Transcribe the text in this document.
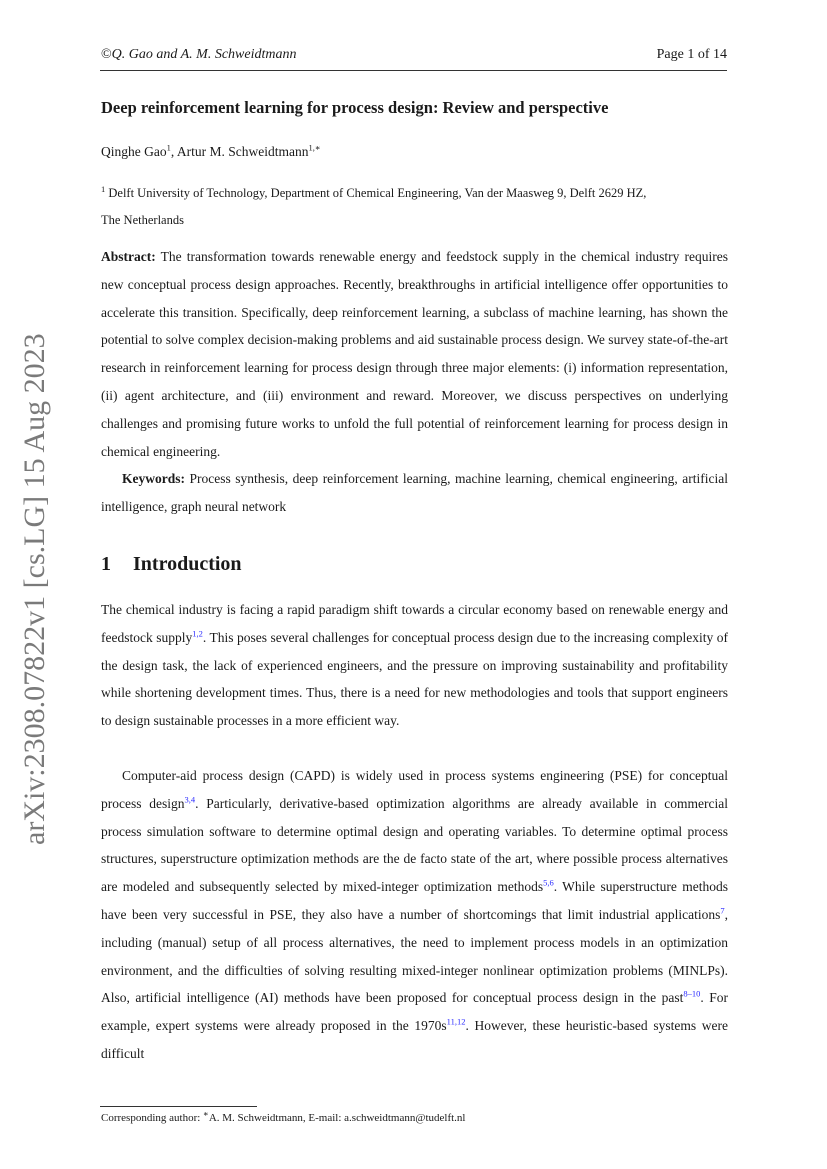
©Q. Gao and A. M. Schweidtmann	Page 1 of 14
arXiv:2308.07822v1 [cs.LG] 15 Aug 2023
Deep reinforcement learning for process design: Review and perspective
Qinghe Gao$^1$, Artur M. Schweidtmann$^{1,∗}$
$^1$ Delft University of Technology, Department of Chemical Engineering, Van der Maasweg 9, Delft 2629 HZ,
The Netherlands
Abstract: The transformation towards renewable energy and feedstock supply in the chemical industry requires new conceptual process design approaches. Recently, breakthroughs in artificial intelligence offer opportunities to accelerate this transition. Specifically, deep reinforcement learning, a subclass of machine learning, has shown the potential to solve complex decision-making problems and aid sustainable process design. We survey state-of-the-art research in reinforcement learning for process design through three major elements: (i) information representation, (ii) agent architecture, and (iii) environment and reward. Moreover, we discuss perspectives on underlying challenges and promising future works to unfold the full potential of reinforcement learning for process design in chemical engineering.
Keywords: Process synthesis, deep reinforcement learning, machine learning, chemical engineering, artificial intelligence, graph neural network
1 Introduction
The chemical industry is facing a rapid paradigm shift towards a circular economy based on renewable energy and feedstock supply$^{1,2}$. This poses several challenges for conceptual process design due to the increasing complexity of the design task, the lack of experienced engineers, and the pressure on improving sustainability and profitability while shortening development times. Thus, there is a need for new methodologies and tools that support engineers to design sustainable processes in a more efficient way.
Computer-aid process design (CAPD) is widely used in process systems engineering (PSE) for conceptual process design$^{3,4}$. Particularly, derivative-based optimization algorithms are already available in commercial process simulation software to determine optimal design and operating variables. To determine optimal process structures, superstructure optimization methods are the de facto state of the art, where possible process alternatives are modeled and subsequently selected by mixed-integer optimization methods$^{5,6}$. While superstructure methods have been very successful in PSE, they also have a number of shortcomings that limit industrial applications$^7$, including (manual) setup of all process alternatives, the need to implement process models in an optimization environment, and the difficulties of solving resulting mixed-integer nonlinear optimization problems (MINLPs). Also, artificial intelligence (AI) methods have been proposed for conceptual process design in the past$^{8-10}$. For example, expert systems were already proposed in the 1970s$^{11,12}$. However, these heuristic-based systems were difficult
Corresponding author: ∗A. M. Schweidtmann, E-mail: a.schweidtmann@tudelft.nl
